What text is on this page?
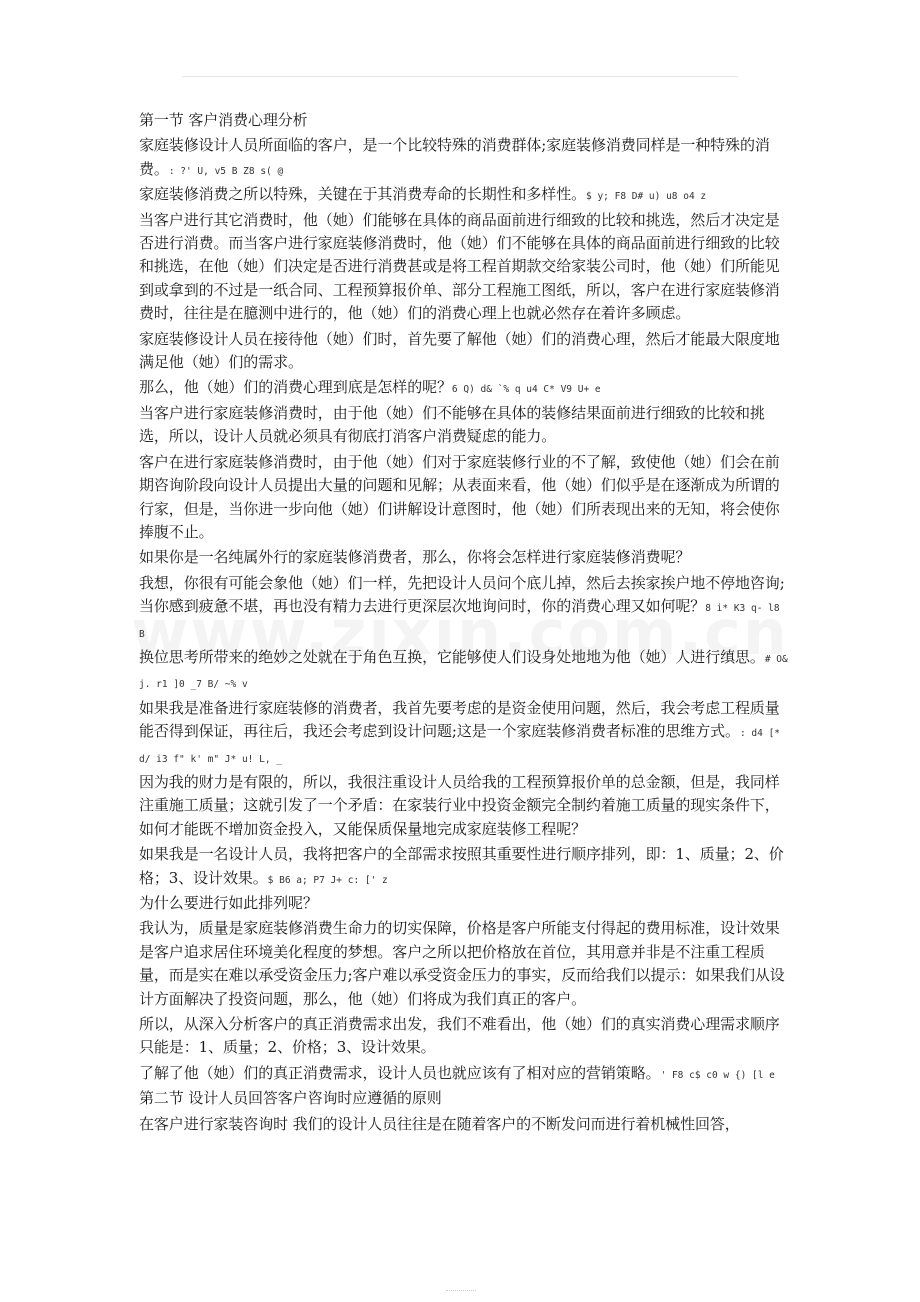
第一节 客户消费心理分析

家庭装修设计人员所面临的客户，是一个比较特殊的消费群体;家庭装修消费同样是一种特殊的消费。: ?' U, v5 B Z8 s( @

家庭装修消费之所以特殊，关键在于其消费寿命的长期性和多样性。$ y; F8 D# u) u8 o4 z

当客户进行其它消费时，他（她）们能够在具体的商品面前进行细致的比较和挑选，然后才决定是否进行消费。而当客户进行家庭装修消费时，他（她）们不能够在具体的商品面前进行细致的比较和挑选，在他（她）们决定是否进行消费甚或是将工程首期款交给家装公司时，他（她）们所能见到或拿到的不过是一纸合同、工程预算报价单、部分工程施工图纸，所以，客户在进行家庭装修消费时，往往是在臆测中进行的，他（她）们的消费心理上也就必然存在着许多顾虑。

家庭装修设计人员在接待他（她）们时，首先要了解他（她）们的消费心理，然后才能最大限度地满足他（她）们的需求。

那么，他（她）们的消费心理到底是怎样的呢？6 Q) d& `% q u4 C* V9 U+ e

当客户进行家庭装修消费时，由于他（她）们不能够在具体的装修结果面前进行细致的比较和挑选，所以，设计人员就必须具有彻底打消客户消费疑虑的能力。

客户在进行家庭装修消费时，由于他（她）们对于家庭装修行业的不了解，致使他（她）们会在前期咨询阶段向设计人员提出大量的问题和见解；从表面来看，他（她）们似乎是在逐渐成为所谓的行家，但是，当你进一步向他（她）们讲解设计意图时，他（她）们所表现出来的无知，将会使你捧腹不止。

如果你是一名纯属外行的家庭装修消费者，那么，你将会怎样进行家庭装修消费呢？

我想，你很有可能会象他（她）们一样，先把设计人员问个底儿掉，然后去挨家挨户地不停地咨询;当你感到疲惫不堪，再也没有精力去进行更深层次地询问时，你的消费心理又如何呢？8 i* K3 q- l8 B

换位思考所带来的绝妙之处就在于角色互换，它能够使人们设身处地地为他（她）人进行缜思。# O& j. r1 ]0 _7 B/ ~% v

如果我是准备进行家庭装修的消费者，我首先要考虑的是资金使用问题，然后，我会考虑工程质量能否得到保证，再往后，我还会考虑到设计问题;这是一个家庭装修消费者标准的思维方式。: d4 [* d/ i3 f" k' m" J* u! L, _

因为我的财力是有限的，所以，我很注重设计人员给我的工程预算报价单的总金额，但是，我同样注重施工质量；这就引发了一个矛盾：在家装行业中投资金额完全制约着施工质量的现实条件下，如何才能既不增加资金投入，又能保质保量地完成家庭装修工程呢？

如果我是一名设计人员，我将把客户的全部需求按照其重要性进行顺序排列，即：1、质量；2、价格；3、设计效果。$ B6 a; P7 J+ c: [' z

为什么要进行如此排列呢？

我认为，质量是家庭装修消费生命力的切实保障，价格是客户所能支付得起的费用标准，设计效果是客户追求居住环境美化程度的梦想。客户之所以把价格放在首位，其用意并非是不注重工程质量，而是实在难以承受资金压力;客户难以承受资金压力的事实，反而给我们以提示：如果我们从设计方面解决了投资问题，那么，他（她）们将成为我们真正的客户。

所以，从深入分析客户的真正消费需求出发，我们不难看出，他（她）们的真实消费心理需求顺序只能是：1、质量；2、价格；3、设计效果。

了解了他（她）们的真正消费需求，设计人员也就应该有了相对应的营销策略。' F8 c$ c0 w {) [l e

第二节 设计人员回答客户咨询时应遵循的原则

在客户进行家装咨询时 我们的设计人员往往是在随着客户的不断发问而进行着机械性回答，
